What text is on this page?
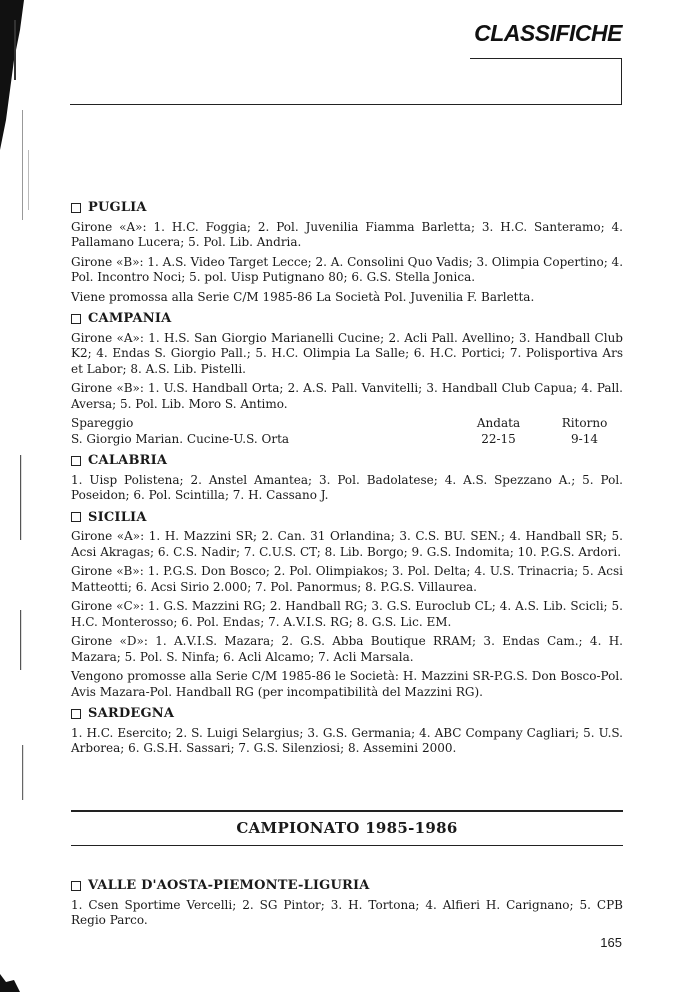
CLASSIFICHE
PUGLIA

Girone «A»: 1. H.C. Foggia; 2. Pol. Juvenilia Fiamma Barletta; 3. H.C. Santeramo; 4. Pallamano Lucera; 5. Pol. Lib. Andria.

Girone «B»: 1. A.S. Video Target Lecce; 2. A. Consolini Quo Vadis; 3. Olimpia Copertino; 4. Pol. Incontro Noci; 5. pol. Uisp Putignano 80; 6. G.S. Stella Jonica.

Viene promossa alla Serie C/M 1985-86 La Società Pol. Juvenilia F. Barletta.

CAMPANIA

Girone «A»: 1. H.S. San Giorgio Marianelli Cucine; 2. Acli Pall. Avellino; 3. Handball Club K2; 4. Endas S. Giorgio Pall.; 5. H.C. Olimpia La Salle; 6. H.C. Portici; 7. Polisportiva Ars et Labor; 8. A.S. Lib. Pistelli.

Girone «B»: 1. U.S. Handball Orta; 2. A.S. Pall. Vanvitelli; 3. Handball Club Capua; 4. Pall. Aversa; 5. Pol. Lib. Moro S. Antimo.

Spareggio	Andata	Ritorno
S. Giorgio Marian. Cucine-U.S. Orta	22-15	9-14
CALABRIA

1. Uisp Polistena; 2. Anstel Amantea; 3. Pol. Badolatese; 4. A.S. Spezzano A.; 5. Pol. Poseidon; 6. Pol. Scintilla; 7. H. Cassano J.

SICILIA

Girone «A»: 1. H. Mazzini SR; 2. Can. 31 Orlandina; 3. C.S. BU. SEN.; 4. Handball SR; 5. Acsi Akragas; 6. C.S. Nadir; 7. C.U.S. CT; 8. Lib. Borgo; 9. G.S. Indomita; 10. P.G.S. Ardori.

Girone «B»: 1. P.G.S. Don Bosco; 2. Pol. Olimpiakos; 3. Pol. Delta; 4. U.S. Trinacria; 5. Acsi Matteotti; 6. Acsi Sirio 2.000; 7. Pol. Panormus; 8. P.G.S. Villaurea.

Girone «C»: 1. G.S. Mazzini RG; 2. Handball RG; 3. G.S. Euroclub CL; 4. A.S. Lib. Scicli; 5. H.C. Monterosso; 6. Pol. Endas; 7. A.V.I.S. RG; 8. G.S. Lic. EM.

Girone «D»: 1. A.V.I.S. Mazara; 2. G.S. Abba Boutique RRAM; 3. Endas Cam.; 4. H. Mazara; 5. Pol. S. Ninfa; 6. Acli Alcamo; 7. Acli Marsala.

Vengono promosse alla Serie C/M 1985-86 le Società: H. Mazzini SR-P.G.S. Don Bosco-Pol. Avis Mazara-Pol. Handball RG (per incompatibilità del Mazzini RG).

SARDEGNA

1. H.C. Esercito; 2. S. Luigi Selargius; 3. G.S. Germania; 4. ABC Company Cagliari; 5. U.S. Arborea; 6. G.S.H. Sassari; 7. G.S. Silenziosi; 8. Assemini 2000.

CAMPIONATO 1985-1986
VALLE D'AOSTA-PIEMONTE-LIGURIA

1. Csen Sportime Vercelli; 2. SG Pintor; 3. H. Tortona; 4. Alfieri H. Carignano; 5. CPB Regio Parco.

165
